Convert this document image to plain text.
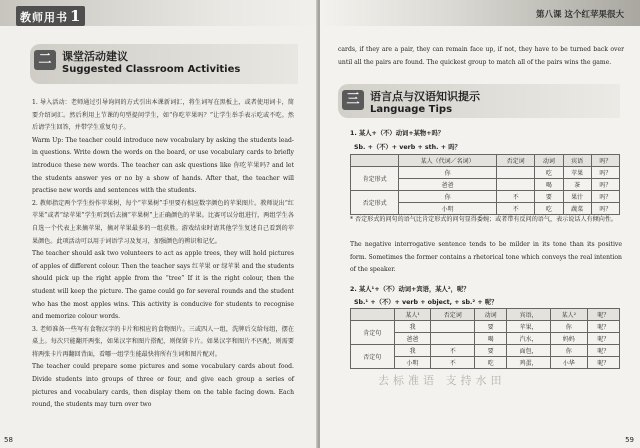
教师用书 1
二 课堂活动建议
Suggested Classroom Activities

1. 导入活动：老师通过引导询问的方式引出本课新词汇，将生词写在黑板上，或者使用词卡，简要介绍词汇。然后利用上节课的句型提问学生，如“你吃苹果吗？”让学生举手表示吃或不吃。然后请学生回答，并带学生重复句子。

Warm Up: The teacher could introduce new vocabulary by asking the students lead-in questions. Write down the words on the board, or use vocabulary cards to briefly introduce these new words. The teacher can ask questions like 你吃苹果吗? and let the students answer yes or no by a show of hands. After that, the teacher will practise new words and sentences with the students.

2. 教师指定两个学生扮作苹果树，每个“苹果树”手里要有相应数字颜色的苹果图片。教师说出“红苹果”或者“绿苹果”学生听到后去摘“苹果树”上正确颜色的苹果。比赛可以分组进行，两组学生各自选一个代表上来摘苹果，摘对苹果最多的一组获胜。游戏结束时请其他学生复述自己看到的苹果颜色。此项活动可以用于词语学习及复习，加强颜色的辨识和记忆。

The teacher should ask two volunteers to act as apple trees, they will hold pictures of apples of different colour. Then the teacher says 红苹果 or 绿苹果 and the students should pick up the right apple from the “tree” If it is the right colour, then the student will keep the picture. The game could go for several rounds and the student who has the most apples wins. This activity is conducive for students to recognise and memorize colour words.

3. 老师准备一些写有食物汉字的卡片和相应的食物图片。三或四人一组，洗牌后交给每组，摆在桌上。每次只能翻开两张，如果汉字和图片搭配，则保留卡片。如果汉字和图片不匹配，则需要将两张卡片再翻回背面，看哪一组学生能最快将所有生词和图片配对。

The teacher could prepare some pictures and some vocabulary cards about food. Divide students into groups of three or four, and give each group a series of pictures and vocabulary cards, then display them on the table facing down. Each round, the students may turn over two

58
第八课 这个红苹果很大
cards, if they are a pair, they can remain face up, if not, they have to be turned back over until all the pairs are found. The quickest group to match all of the pairs wins the game.
三 语言点与汉语知识提示
Language Tips
1. 某人+（不）动词+某物+吗？
Sb. +（不）+ verb + sth. + 吗？
	某人（代词／名词）	否定词	动词	宾语	吗？
肯定形式	你		吃	苹果	吗？
	爸爸		喝	茶	吗？
否定形式	你	不	要	果汁	吗？
	小明	不	吃	蔬菜	吗？
* 否定形式的问句的语气比肯定形式的问句显得委婉；或者带有反问的语气，表示说话人有倾向性。
The negative interrogative sentence tends to be milder in its tone than its positive form. Sometimes the former contains a rhetorical tone which conveys the real intention of the speaker.
2. 某人¹+（不）动词+宾语，某人²，呢？
Sb.¹ +（不）+ verb + object, + sb.² + 呢？
	某人¹	否定词	动词	宾语，	某人²	呢？
肯定句	我		要	苹果，	你	呢？
	爸爸		喝	汽水，	妈妈	呢？
否定句	我	不	要	面包，	你	呢？
	小明	不	吃	鸡蛋，	小华	呢？
去标准语 支持水田
59
